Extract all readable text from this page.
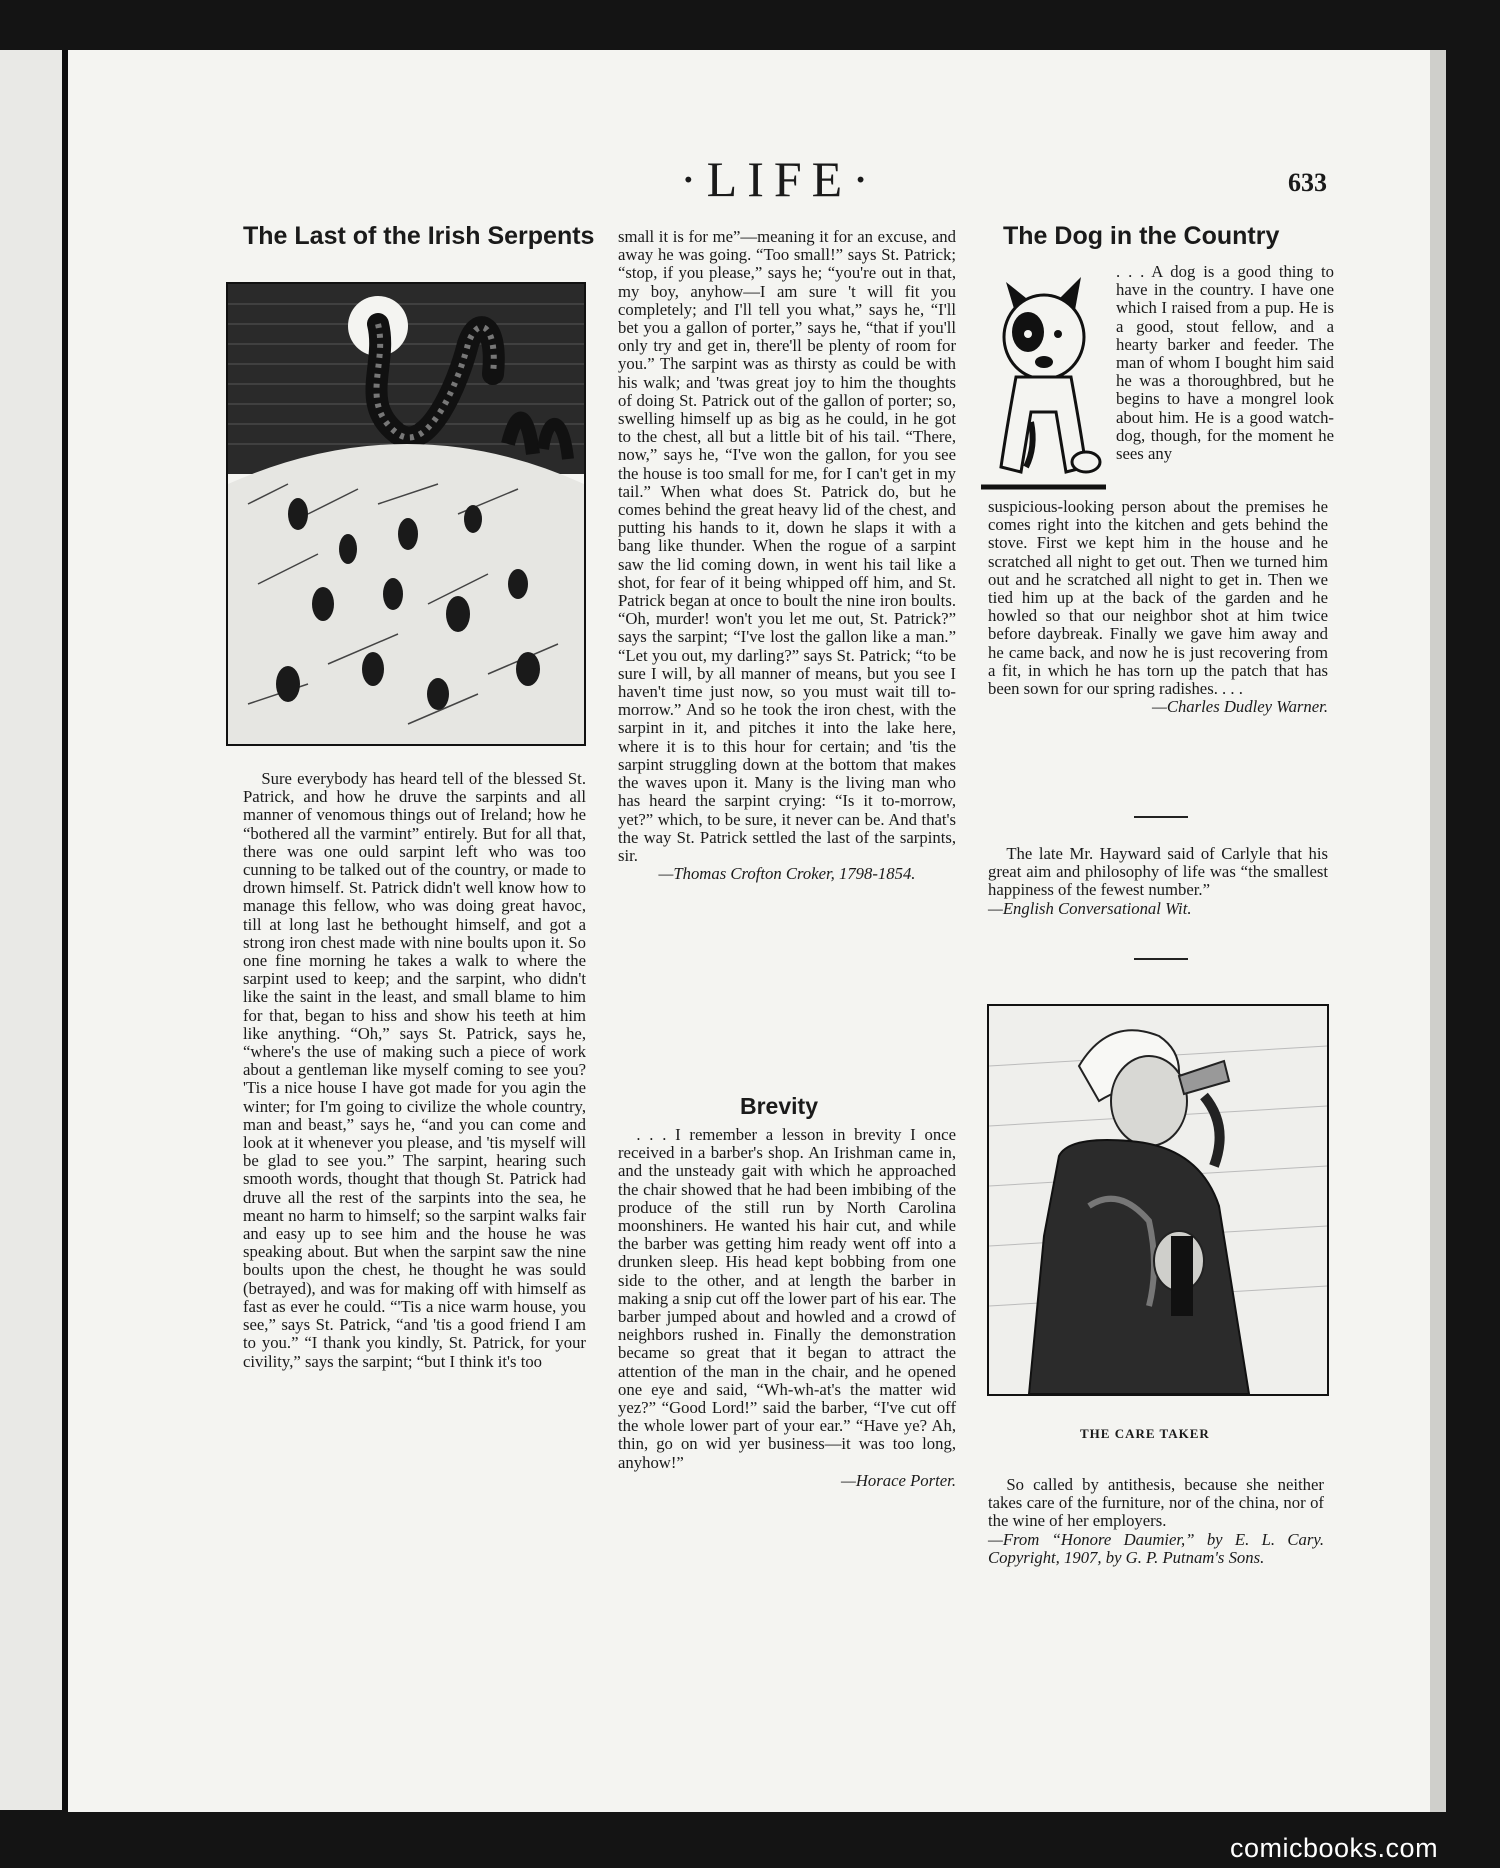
·LIFE·	633
The Last of the Irish Serpents

Sure everybody has heard tell of the blessed St. Patrick, and how he druve the sarpints and all manner of venomous things out of Ireland; how he “bothered all the varmint” entirely. But for all that, there was one ould sarpint left who was too cunning to be talked out of the country, or made to drown himself. St. Patrick didn't well know how to manage this fellow, who was doing great havoc, till at long last he bethought himself, and got a strong iron chest made with nine boults upon it. So one fine morning he takes a walk to where the sarpint used to keep; and the sarpint, who didn't like the saint in the least, and small blame to him for that, began to hiss and show his teeth at him like anything. “Oh,” says St. Patrick, says he, “where's the use of making such a piece of work about a gentleman like myself coming to see you? 'Tis a nice house I have got made for you agin the winter; for I'm going to civilize the whole country, man and beast,” says he, “and you can come and look at it whenever you please, and 'tis myself will be glad to see you.” The sarpint, hearing such smooth words, thought that though St. Patrick had druve all the rest of the sarpints into the sea, he meant no harm to himself; so the sarpint walks fair and easy up to see him and the house he was speaking about. But when the sarpint saw the nine boults upon the chest, he thought he was sould (betrayed), and was for making off with himself as fast as ever he could. “'Tis a nice warm house, you see,” says St. Patrick, “and 'tis a good friend I am to you.” “I thank you kindly, St. Patrick, for your civility,” says the sarpint; “but I think it's too

small it is for me”—meaning it for an excuse, and away he was going. “Too small!” says St. Patrick; “stop, if you please,” says he; “you're out in that, my boy, anyhow—I am sure 't will fit you completely; and I'll tell you what,” says he, “I'll bet you a gallon of porter,” says he, “that if you'll only try and get in, there'll be plenty of room for you.” The sarpint was as thirsty as could be with his walk; and 'twas great joy to him the thoughts of doing St. Patrick out of the gallon of porter; so, swelling himself up as big as he could, in he got to the chest, all but a little bit of his tail. “There, now,” says he, “I've won the gallon, for you see the house is too small for me, for I can't get in my tail.” When what does St. Patrick do, but he comes behind the great heavy lid of the chest, and putting his hands to it, down he slaps it with a bang like thunder. When the rogue of a sarpint saw the lid coming down, in went his tail like a shot, for fear of it being whipped off him, and St. Patrick began at once to boult the nine iron boults. “Oh, murder! won't you let me out, St. Patrick?” says the sarpint; “I've lost the gallon like a man.” “Let you out, my darling?” says St. Patrick; “to be sure I will, by all manner of means, but you see I haven't time just now, so you must wait till to-morrow.” And so he took the iron chest, with the sarpint in it, and pitches it into the lake here, where it is to this hour for certain; and 'tis the sarpint struggling down at the bottom that makes the waves upon it. Many is the living man who has heard the sarpint crying: “Is it to-morrow, yet?” which, to be sure, it never can be. And that's the way St. Patrick settled the last of the sarpints, sir.
—Thomas Crofton Croker, 1798-1854.
Brevity

. . . I remember a lesson in brevity I once received in a barber's shop. An Irishman came in, and the unsteady gait with which he approached the chair showed that he had been imbibing of the produce of the still run by North Carolina moonshiners. He wanted his hair cut, and while the barber was getting him ready went off into a drunken sleep. His head kept bobbing from one side to the other, and at length the barber in making a snip cut off the lower part of his ear. The barber jumped about and howled and a crowd of neighbors rushed in. Finally the demonstration became so great that it began to attract the attention of the man in the chair, and he opened one eye and said, “Wh-wh-at's the matter wid yez?” “Good Lord!” said the barber, “I've cut off the whole lower part of your ear.” “Have ye? Ah, thin, go on wid yer business—it was too long, anyhow!”

—Horace Porter.
The Dog in the Country
. . . A dog is a good thing to have in the country. I have one which I raised from a pup. He is a good, stout fellow, and a hearty barker and feeder. The man of whom I bought him said he was a thoroughbred, but he begins to have a mongrel look about him. He is a good watch-dog, though, for the moment he sees any
suspicious-looking person about the premises he comes right into the kitchen and gets behind the stove. First we kept him in the house and he scratched all night to get out. Then we turned him out and he scratched all night to get in. Then we tied him up at the back of the garden and he howled so that our neighbor shot at him twice before daybreak. Finally we gave him away and he came back, and now he is just recovering from a fit, in which he has torn up the patch that has been sown for our spring radishes. . . .
—Charles Dudley Warner.

The late Mr. Hayward said of Carlyle that his great aim and philosophy of life was “the smallest happiness of the fewest number.”

—English Conversational Wit.
THE CARE TAKER

So called by antithesis, because she neither takes care of the furniture, nor of the china, nor of the wine of her employers.

—From “Honore Daumier,” by E. L. Cary. Copyright, 1907, by G. P. Putnam's Sons.
comicbooks.com
